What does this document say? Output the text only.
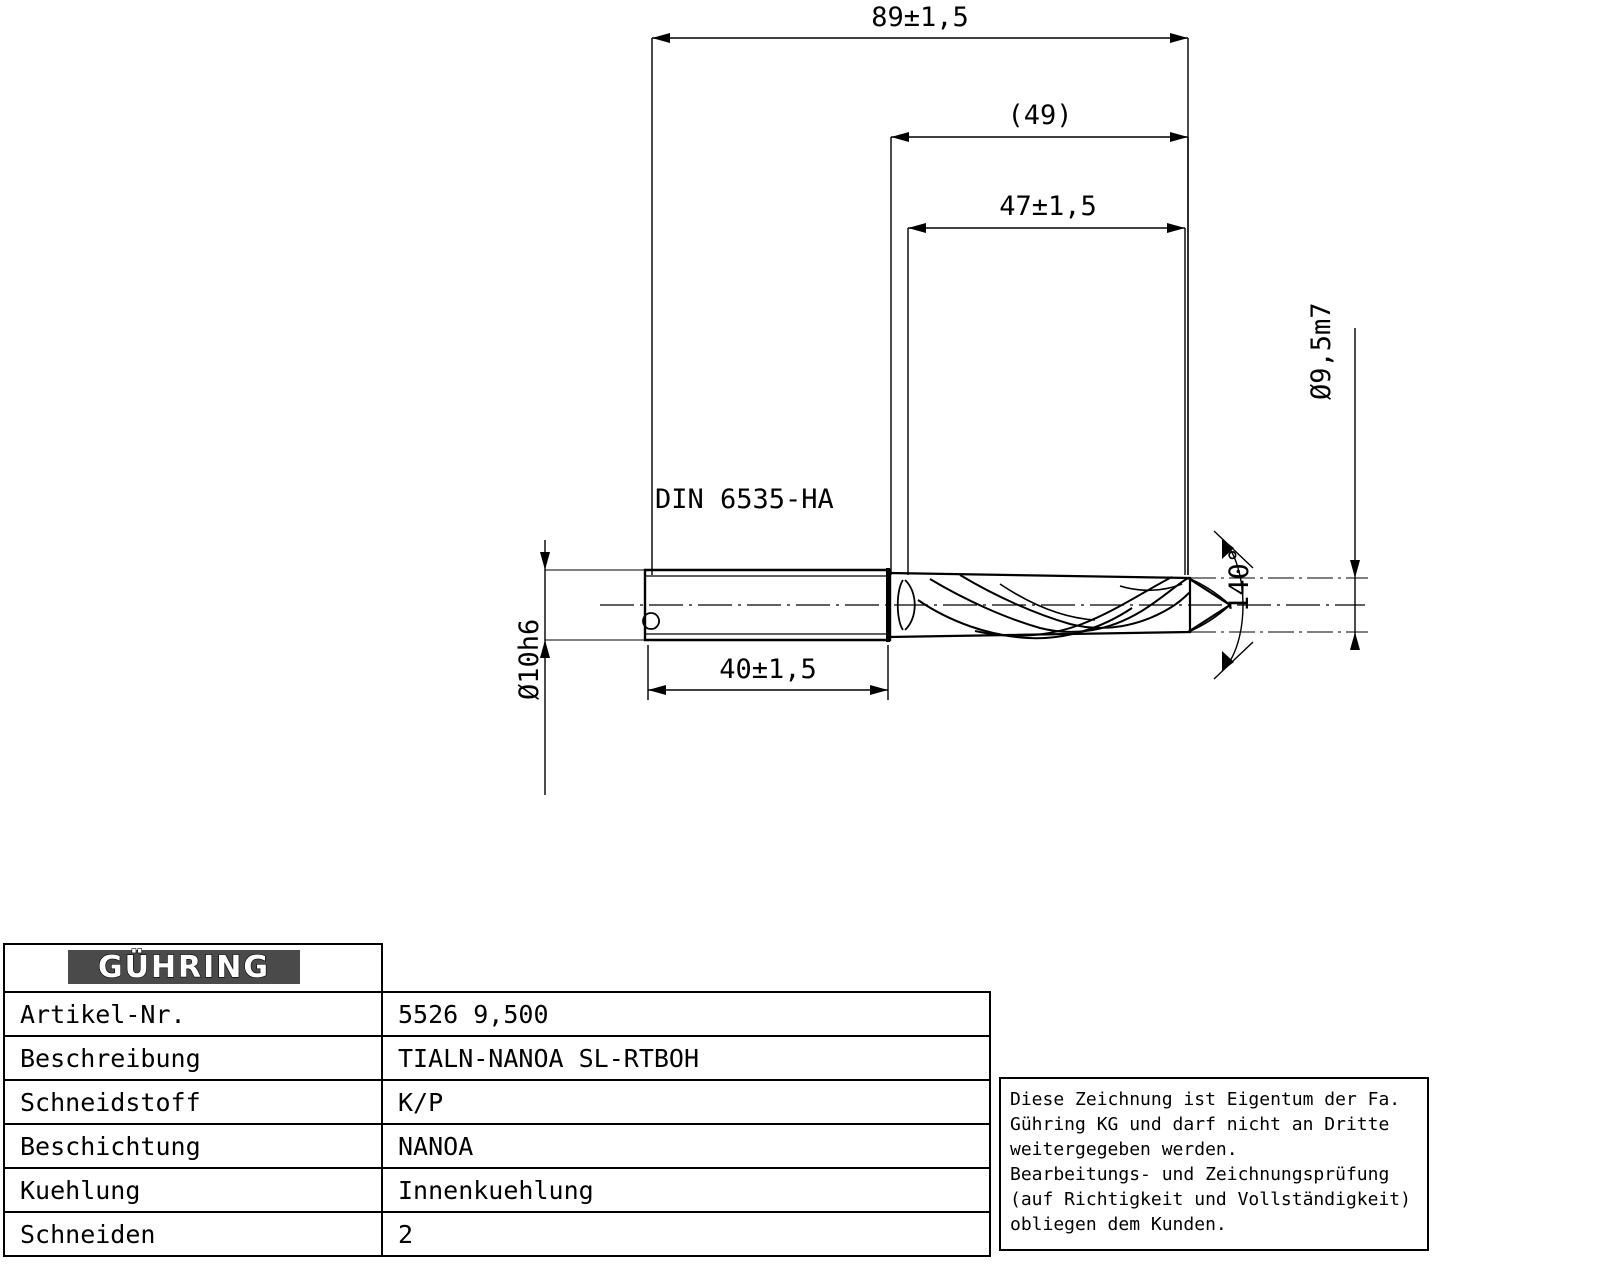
89±1,5
(49)
47±1,5
DIN 6535-HA
140°
Ø9,5m7
Ø10h6	40±1,5
GÜHRING
Artikel-Nr.	5526 9,500
Beschreibung	TIALN-NANOA SL-RTBOH
Schneidstoff	K/P
Beschichtung	NANOA
Kuehlung	Innenkuehlung
Schneiden	2
Diese Zeichnung ist Eigentum der Fa.
Gühring KG und darf nicht an Dritte
weitergegeben werden.
Bearbeitungs- und Zeichnungsprüfung
(auf Richtigkeit und Vollständigkeit)
obliegen dem Kunden.
